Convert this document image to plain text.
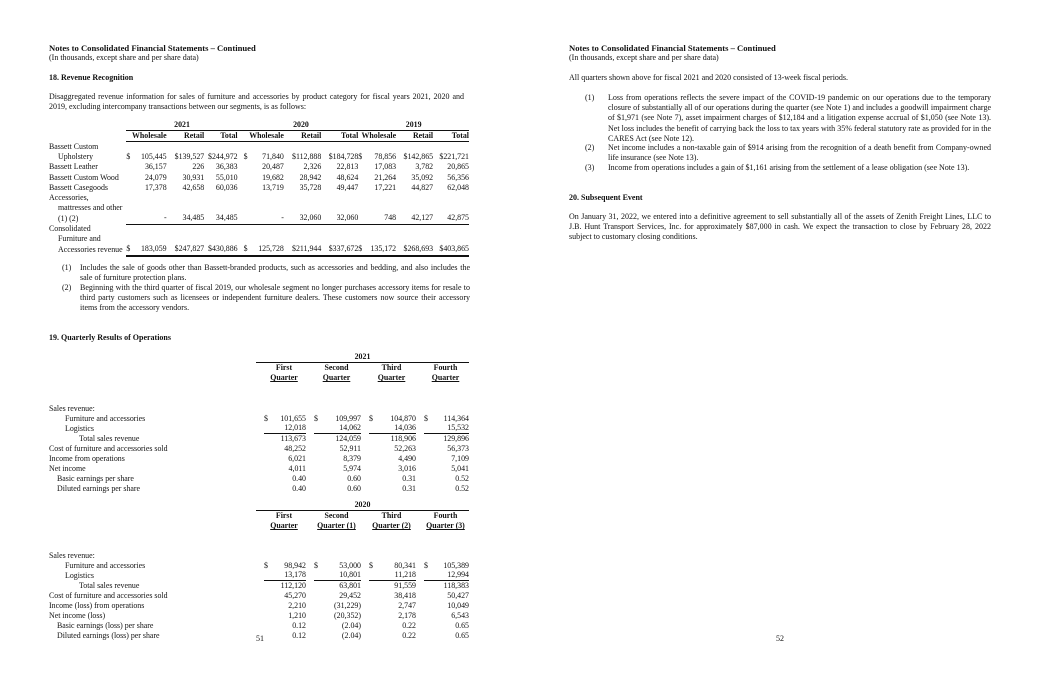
Notes to Consolidated Financial Statements – Continued
(In thousands, except share and per share data)
18. Revenue Recognition
Disaggregated revenue information for sales of furniture and accessories by product category for fiscal years 2021, 2020 and 2019, excluding intercompany transactions between our segments, is as follows:
	2021			2020			2019		
	Wholesale	Retail	Total	Wholesale	Retail	Total	Wholesale	Retail	Total
Bassett Custom									
Upholstery	$ 105,445	$139,527	$244,972	$ 71,840	$112,888	$184,728	$ 78,856	$142,865	$221,721
Bassett Leather	36,157	226	36,383	20,487	2,326	22,813	17,083	3,782	20,865
Bassett Custom Wood	24,079	30,931	55,010	19,682	28,942	48,624	21,264	35,092	56,356
Bassett Casegoods	17,378	42,658	60,036	13,719	35,728	49,447	17,221	44,827	62,048
Accessories,									
mattresses and other									
(1) (2)	-	34,485	34,485	-	32,060	32,060	748	42,127	42,875
Consolidated									
Furniture and									
Accessories revenue	$ 183,059	$247,827	$430,886	$ 125,728	$211,944	$337,672	$ 135,172	$268,693	$403,865
(1)	Includes the sale of goods other than Bassett-branded products, such as accessories and bedding, and also includes the sale of furniture protection plans.
(2)	Beginning with the third quarter of fiscal 2019, our wholesale segment no longer purchases accessory items for resale to third party customers such as licensees or independent furniture dealers. These customers now source their accessory items from the accessory vendors.
19. Quarterly Results of Operations
	2021			
	First	Second	Third	Fourth
	Quarter	Quarter	Quarter	Quarter

Sales revenue:	

Furniture and accessories	$ 101,655	$ 109,997	$ 104,870	$ 114,364

Logistics	12,018	14,062	14,036	15,532

Total sales revenue	113,673	124,059	118,906	129,896

Cost of furniture and accessories sold	48,252	52,911	52,263	56,373

Income from operations	6,021	8,379	4,490	7,109

Net income	4,011	5,974	3,016	5,041

Basic earnings per share	0.40	0.60	0.31	0.52

Diluted earnings per share	0.40	0.60	0.31	0.52
	2020			
	First	Second	Third	Fourth
	Quarter	Quarter (1)	Quarter (2)	Quarter (3)

Sales revenue:	

Furniture and accessories	$ 98,942	$ 53,000	$ 80,341	$ 105,389

Logistics	13,178	10,801	11,218	12,994

Total sales revenue	112,120	63,801	91,559	118,383

Cost of furniture and accessories sold	45,270	29,452	38,418	50,427

Income (loss) from operations	2,210	(31,229)	2,747	10,049

Net income (loss)	1,210	(20,352)	2,178	6,543

Basic earnings (loss) per share	0.12	(2.04)	0.22	0.65

Diluted earnings (loss) per share	0.12	(2.04)	0.22	0.65
51
Notes to Consolidated Financial Statements – Continued
(In thousands, except share and per share data)
All quarters shown above for fiscal 2021 and 2020 consisted of 13-week fiscal periods.
(1)	Loss from operations reflects the severe impact of the COVID-19 pandemic on our operations due to the temporary closure of substantially all of our operations during the quarter (see Note 1) and includes a goodwill impairment charge of $1,971 (see Note 7), asset impairment charges of $12,184 and a litigation expense accrual of $1,050 (see Note 13). Net loss includes the benefit of carrying back the loss to tax years with 35% federal statutory rate as provided for in the CARES Act (see Note 12).
(2)	Net income includes a non-taxable gain of $914 arising from the recognition of a death benefit from Company-owned life insurance (see Note 13).
(3)	Income from operations includes a gain of $1,161 arising from the settlement of a lease obligation (see Note 13).
20. Subsequent Event
On January 31, 2022, we entered into a definitive agreement to sell substantially all of the assets of Zenith Freight Lines, LLC to J.B. Hunt Transport Services, Inc. for approximately $87,000 in cash. We expect the transaction to close by February 28, 2022 subject to customary closing conditions.
52
